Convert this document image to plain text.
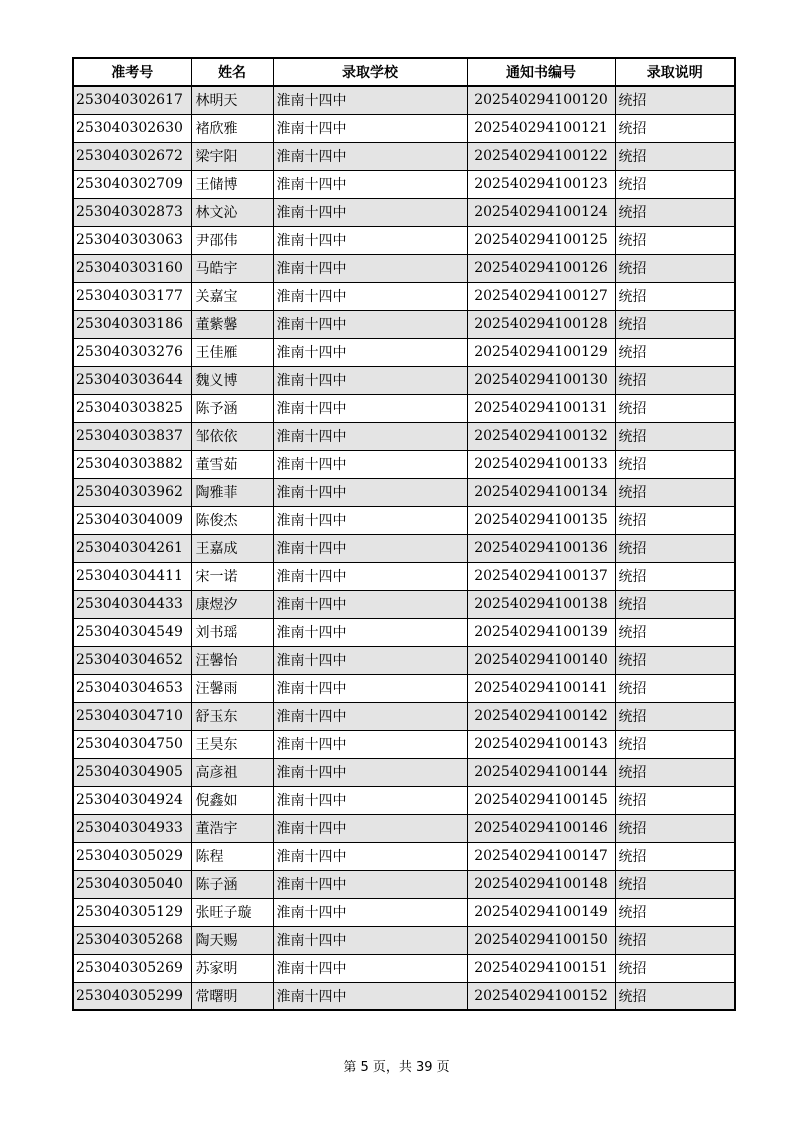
准考号	姓名	录取学校	通知书编号	录取说明
253040302617	林明天	淮南十四中	202540294100120	统招
253040302630	褚欣雅	淮南十四中	202540294100121	统招
253040302672	梁宇阳	淮南十四中	202540294100122	统招
253040302709	王储博	淮南十四中	202540294100123	统招
253040302873	林文沁	淮南十四中	202540294100124	统招
253040303063	尹邵伟	淮南十四中	202540294100125	统招
253040303160	马皓宇	淮南十四中	202540294100126	统招
253040303177	关嘉宝	淮南十四中	202540294100127	统招
253040303186	董紫馨	淮南十四中	202540294100128	统招
253040303276	王佳雁	淮南十四中	202540294100129	统招
253040303644	魏义博	淮南十四中	202540294100130	统招
253040303825	陈予涵	淮南十四中	202540294100131	统招
253040303837	邹依依	淮南十四中	202540294100132	统招
253040303882	董雪茹	淮南十四中	202540294100133	统招
253040303962	陶雅菲	淮南十四中	202540294100134	统招
253040304009	陈俊杰	淮南十四中	202540294100135	统招
253040304261	王嘉成	淮南十四中	202540294100136	统招
253040304411	宋一诺	淮南十四中	202540294100137	统招
253040304433	康煜汐	淮南十四中	202540294100138	统招
253040304549	刘书瑶	淮南十四中	202540294100139	统招
253040304652	汪馨怡	淮南十四中	202540294100140	统招
253040304653	汪馨雨	淮南十四中	202540294100141	统招
253040304710	舒玉东	淮南十四中	202540294100142	统招
253040304750	王昊东	淮南十四中	202540294100143	统招
253040304905	高彦祖	淮南十四中	202540294100144	统招
253040304924	倪鑫如	淮南十四中	202540294100145	统招
253040304933	董浩宇	淮南十四中	202540294100146	统招
253040305029	陈程	淮南十四中	202540294100147	统招
253040305040	陈子涵	淮南十四中	202540294100148	统招
253040305129	张旺子璇	淮南十四中	202540294100149	统招
253040305268	陶天赐	淮南十四中	202540294100150	统招
253040305269	苏家明	淮南十四中	202540294100151	统招
253040305299	常曙明	淮南十四中	202540294100152	统招
第 5 页，共 39 页
